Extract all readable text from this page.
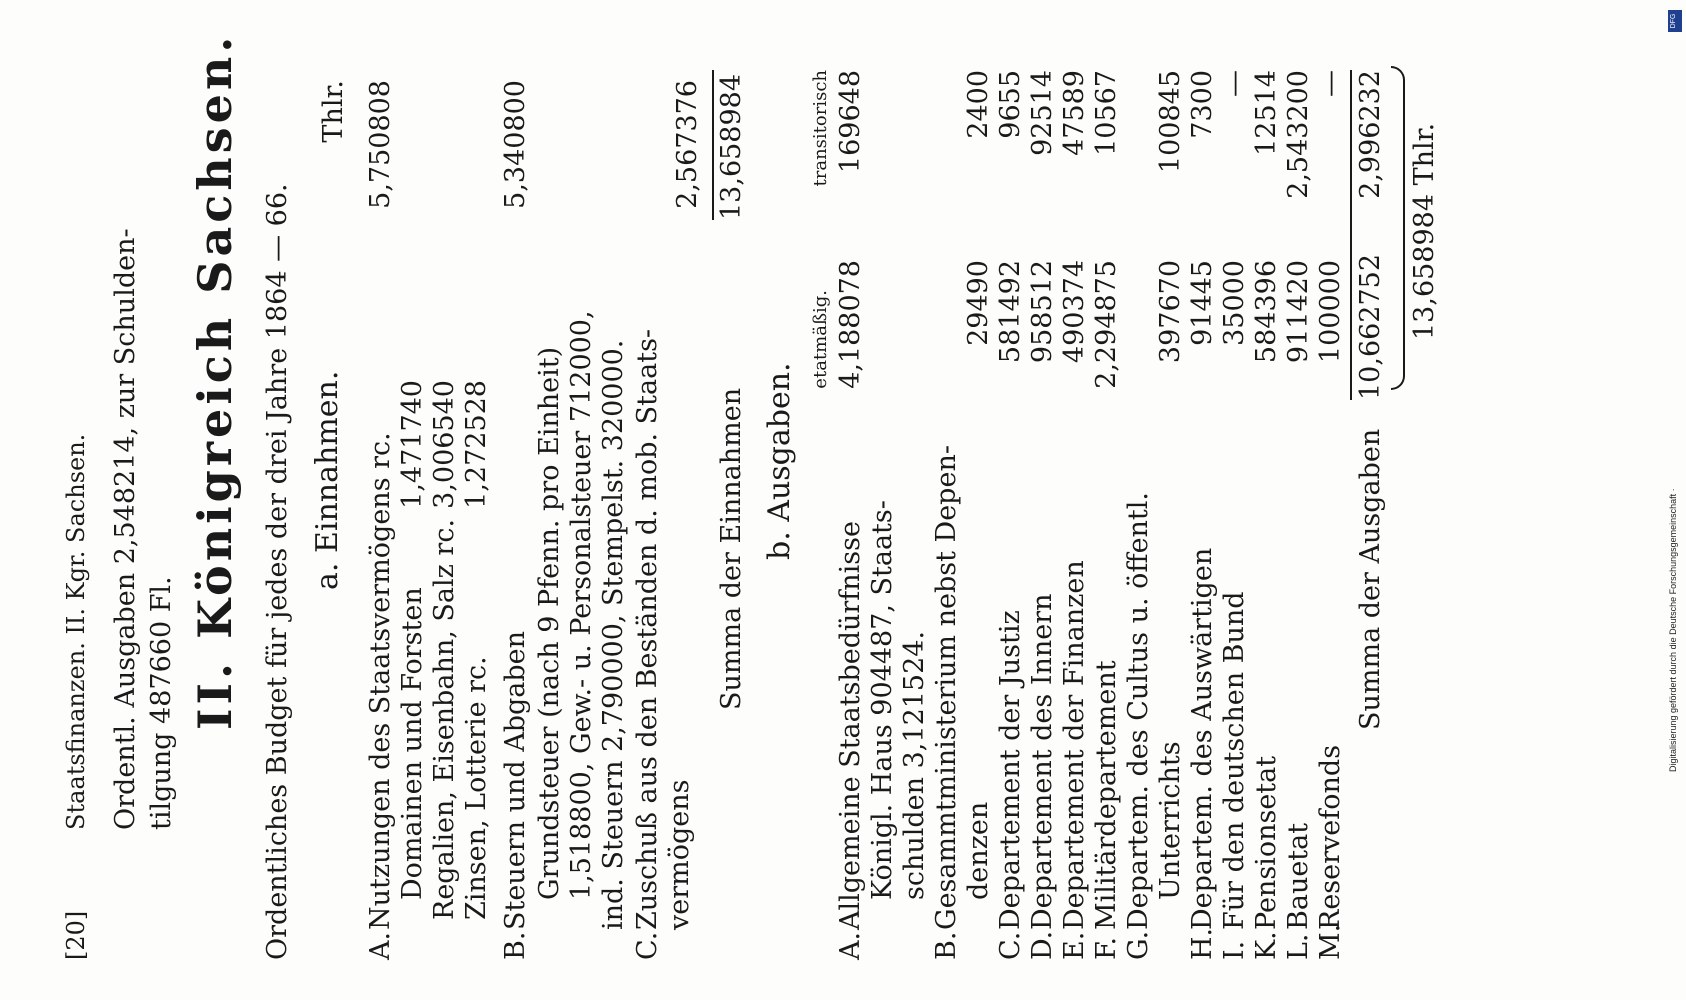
[20]
Staatsfinanzen. II. Kgr. Sachsen. Ordentl. Ausgaben 2,548214, zur Schulden- tilgung 487660 Fl. II. Königreich Sachsen. Ordentliches Budget für jedes der drei Jahre 1864 — 66. a. Einnahmen.
Thlr.
A.
Nutzungen des Staatsvermögens rc.
5,750808
Domainen und Forsten
1,471740
Regalien, Eisenbahn, Salz rc.
3,006540
Zinsen, Lotterie rc.
1,272528
B.
Steuern und Abgaben
5,340800
Grundsteuer (nach 9 Pfenn. pro Einheit) 1,518800, Gew.- u. Personalsteuer 712000, ind. Steuern 2,790000, Stempelst. 320000.
C.
Zuschuß aus den Beständen d. mob. Staats- vermögens
2,567376
Summa der Einnahmen
13,658984
b. Ausgaben.
etatmäßig.
transitorisch
A.
Allgemeine Staatsbedürfnisse
4,188078
169648
Königl. Haus 904487, Staats- schulden 3,121524.
B.
Gesammtministerium nebst Depen- denzen
29490
2400
C.
Departement der Justiz
581492
9655
D.
Departement des Innern
958512
92514
E.
Departement der Finanzen
490374
47589
F.
Militärdepartement
2,294875
10567
G.
Departem. des Cultus u. öffentl. Unterrichts
397670
100845
H.
Departem. des Auswärtigen
91445
7300
I.
Für den deutschen Bund
35000
—
K.
Pensionsetat
584396
12514
L.
Bauetat
911420
2,543200
M.
Reservefonds
100000
—
Summa der Ausgaben
10,662752
2,996232 13,658984 Thlr.
DFG
Digitalisierung gefördert durch die Deutsche Forschungsgemeinschaft ·
